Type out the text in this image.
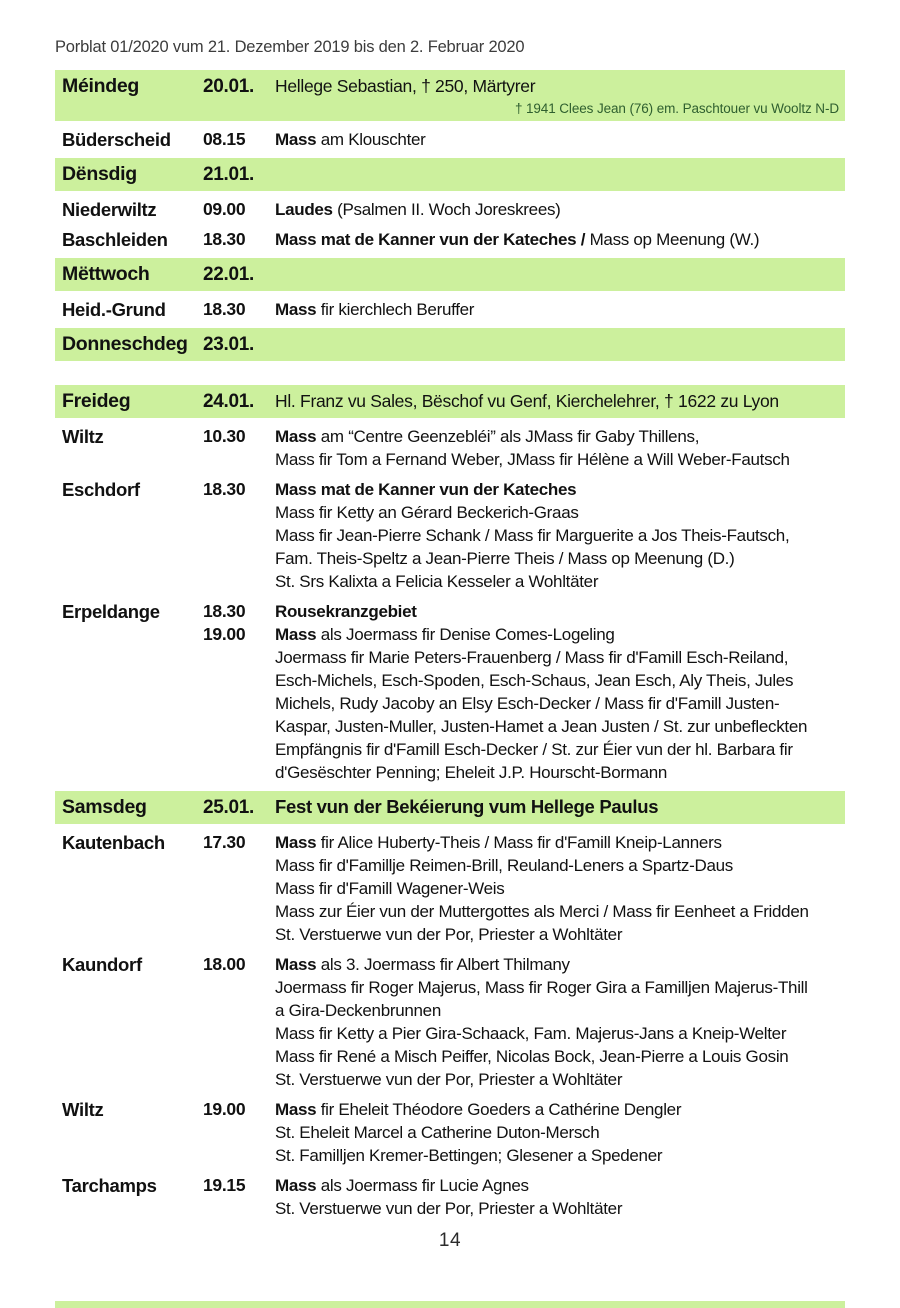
Porblat 01/2020 vum 21. Dezember 2019 bis den 2. Februar 2020
Méindeg	20.01.	Hellege Sebastian, † 250, Märtyrer
† 1941 Clees Jean (76) em. Paschtouer vu Wooltz N-D
Büderscheid	08.15	Mass am Klouschter
Dënsdig	21.01.
Niederwiltz	09.00	Laudes (Psalmen II. Woch Joreskrees)
Baschleiden	18.30	Mass mat de Kanner vun der Kateches / Mass op Meenung (W.)
Mëttwoch	22.01.
Heid.-Grund	18.30	Mass fir kierchlech Beruffer
Donneschdeg 23.01.
Freideg	24.01.	Hl. Franz vu Sales, Bëschof vu Genf, Kierchelehrer, † 1622 zu Lyon
Wiltz	10.30	Mass am “Centre Geenzebléi” als JMass fir Gaby Thillens,
Mass fir Tom a Fernand Weber, JMass fir Hélène a Will Weber-Fautsch
Eschdorf	18.30	Mass mat de Kanner vun der Kateches
Mass fir Ketty an Gérard Beckerich-Graas
Mass fir Jean-Pierre Schank / Mass fir Marguerite a Jos Theis-Fautsch,
Fam. Theis-Speltz a Jean-Pierre Theis / Mass op Meenung (D.)
St. Srs Kalixta a Felicia Kesseler a Wohltäter
Erpeldange	18.30	Rousekranzgebiet
19.00	Mass als Joermass fir Denise Comes-Logeling
Joermass fir Marie Peters-Frauenberg / Mass fir d'Famill Esch-Reiland,
Esch-Michels, Esch-Spoden, Esch-Schaus, Jean Esch, Aly Theis, Jules
Michels, Rudy Jacoby an Elsy Esch-Decker / Mass fir d'Famill Justen-
Kaspar, Justen-Muller, Justen-Hamet a Jean Justen / St. zur unbefleckten
Empfängnis fir d'Famill Esch-Decker / St. zur Éier vun der hl. Barbara fir
d'Gesëschter Penning; Eheleit J.P. Hourscht-Bormann
Samsdeg	25.01.	Fest vun der Bekéierung vum Hellege Paulus
Kautenbach	17.30	Mass fir Alice Huberty-Theis / Mass fir d'Famill Kneip-Lanners
Mass fir d'Famillje Reimen-Brill, Reuland-Leners a Spartz-Daus
Mass fir d'Famill Wagener-Weis
Mass zur Éier vun der Muttergottes als Merci / Mass fir Eenheet a Fridden
St. Verstuerwe vun der Por, Priester a Wohltäter
Kaundorf	18.00	Mass als 3. Joermass fir Albert Thilmany
Joermass fir Roger Majerus, Mass fir Roger Gira a Familljen Majerus-Thill
a Gira-Deckenbrunnen
Mass fir Ketty a Pier Gira-Schaack, Fam. Majerus-Jans a Kneip-Welter
Mass fir René a Misch Peiffer, Nicolas Bock, Jean-Pierre a Louis Gosin
St. Verstuerwe vun der Por, Priester a Wohltäter
Wiltz	19.00	Mass fir Eheleit Théodore Goeders a Cathérine Dengler
St. Eheleit Marcel a Catherine Duton-Mersch
St. Familljen Kremer-Bettingen; Glesener a Spedener
Tarchamps	19.15	Mass als Joermass fir Lucie Agnes
St. Verstuerwe vun der Por, Priester a Wohltäter
14
